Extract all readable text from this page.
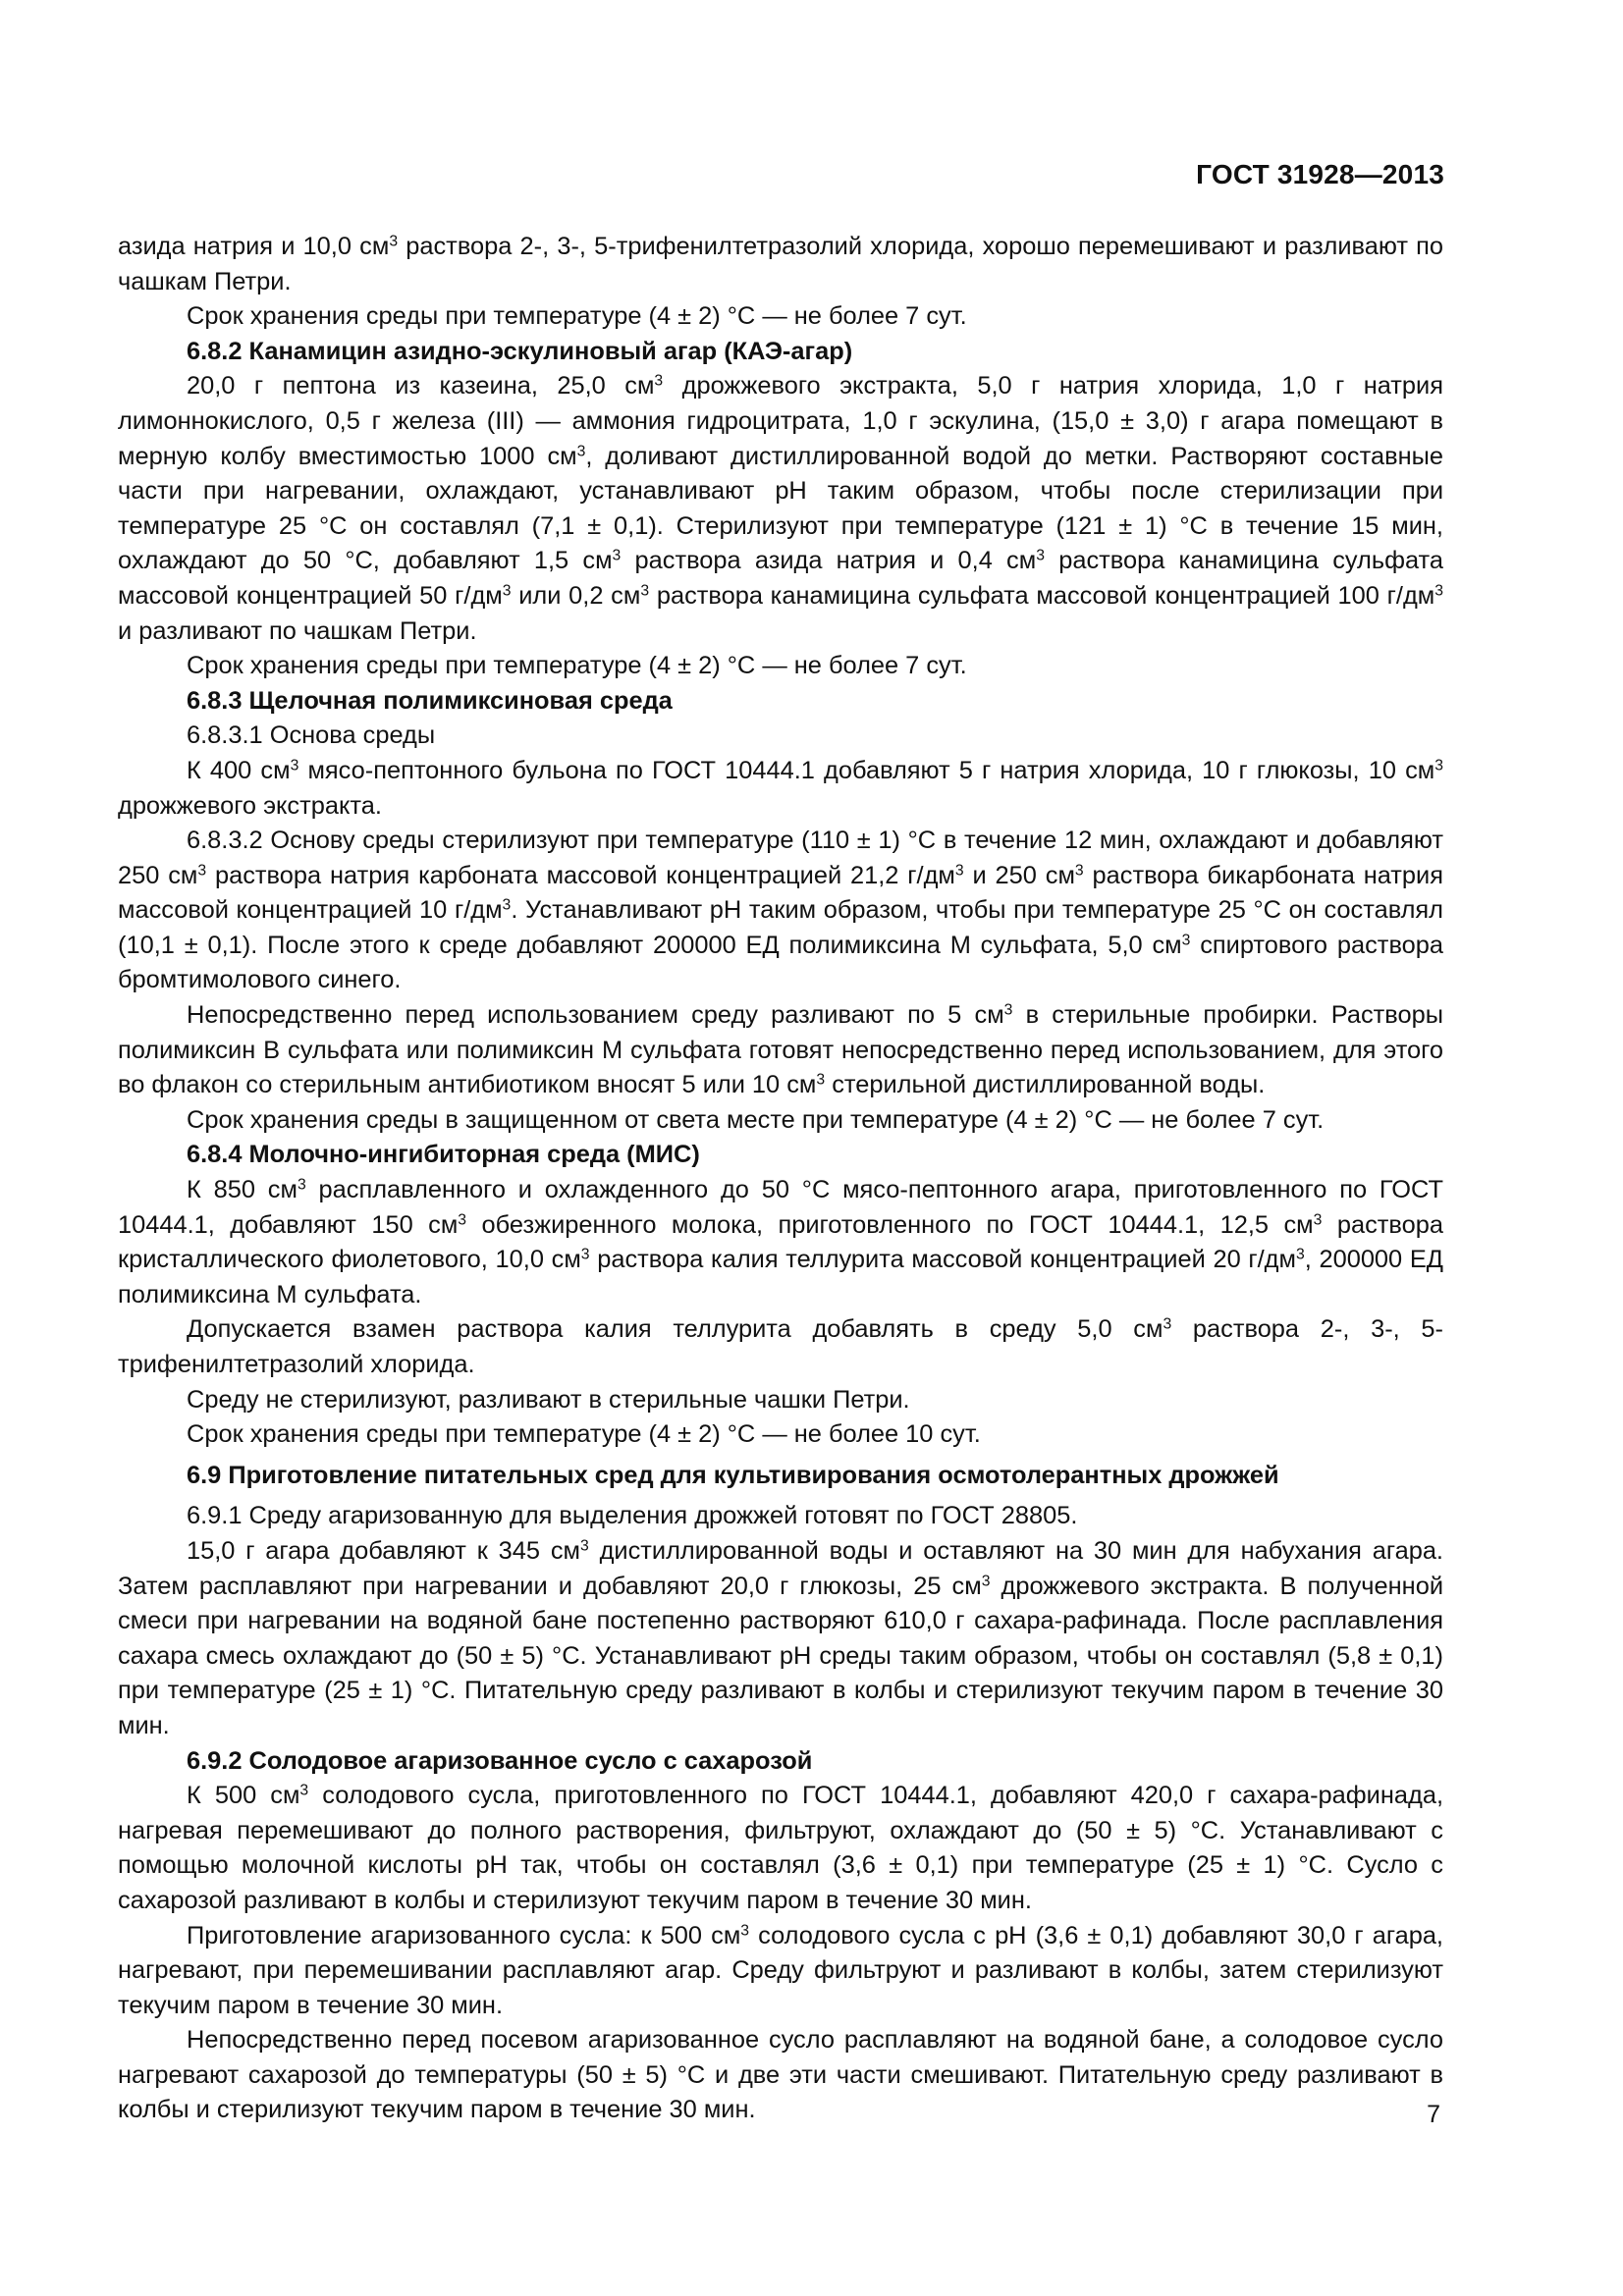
ГОСТ 31928—2013

азида натрия и 10,0 $см^3$ раствора 2-, 3-, 5-трифенилтетразолий хлорида, хорошо перемешивают и разливают по чашкам Петри.

Срок хранения среды при температуре (4 ± 2) °С — не более 7 сут.

6.8.2 Канамицин азидно-эскулиновый агар (КАЭ-агар)

20,0 г пептона из казеина, 25,0 $см^3$ дрожжевого экстракта, 5,0 г натрия хлорида, 1,0 г натрия лимоннокислого, 0,5 г железа (III) — аммония гидроцитрата, 1,0 г эскулина, (15,0 ± 3,0) г агара помещают в мерную колбу вместимостью 1000 $см^3$, доливают дистиллированной водой до метки. Растворяют составные части при нагревании, охлаждают, устанавливают рН таким образом, чтобы после стерилизации при температуре 25 °С он составлял (7,1 ± 0,1). Стерилизуют при температуре (121 ± 1) °С в течение 15 мин, охлаждают до 50 °С, добавляют 1,5 $см^3$ раствора азида натрия и 0,4 $см^3$ раствора канамицина сульфата массовой концентрацией 50 $г/дм^3$ или 0,2 $см^3$ раствора канамицина сульфата массовой концентрацией 100 $г/дм^3$ и разливают по чашкам Петри.

Срок хранения среды при температуре (4 ± 2) °С — не более 7 сут.

6.8.3 Щелочная полимиксиновая среда

6.8.3.1 Основа среды

К 400 $см^3$ мясо-пептонного бульона по ГОСТ 10444.1 добавляют 5 г натрия хлорида, 10 г глюкозы, 10 $см^3$ дрожжевого экстракта.

6.8.3.2 Основу среды стерилизуют при температуре (110 ± 1) °С в течение 12 мин, охлаждают и добавляют 250 $см^3$ раствора натрия карбоната массовой концентрацией 21,2 $г/дм^3$ и 250 $см^3$ раствора бикарбоната натрия массовой концентрацией 10 $г/дм^3$. Устанавливают рН таким образом, чтобы при температуре 25 °С он составлял (10,1 ± 0,1). После этого к среде добавляют 200000 ЕД полимиксина М сульфата, 5,0 $см^3$ спиртового раствора бромтимолового синего.

Непосредственно перед использованием среду разливают по 5 $см^3$ в стерильные пробирки. Растворы полимиксин В сульфата или полимиксин М сульфата готовят непосредственно перед использованием, для этого во флакон со стерильным антибиотиком вносят 5 или 10 $см^3$ стерильной дистиллированной воды.

Срок хранения среды в защищенном от света месте при температуре (4 ± 2) °С — не более 7 сут.

6.8.4 Молочно-ингибиторная среда (МИС)

К 850 $см^3$ расплавленного и охлажденного до 50 °С мясо-пептонного агара, приготовленного по ГОСТ 10444.1, добавляют 150 $см^3$ обезжиренного молока, приготовленного по ГОСТ 10444.1, 12,5 $см^3$ раствора кристаллического фиолетового, 10,0 $см^3$ раствора калия теллурита массовой концентрацией 20 $г/дм^3$, 200000 ЕД полимиксина М сульфата.

Допускается взамен раствора калия теллурита добавлять в среду 5,0 $см^3$ раствора 2-, 3-, 5-трифенилтетразолий хлорида.

Среду не стерилизуют, разливают в стерильные чашки Петри.

Срок хранения среды при температуре (4 ± 2) °С — не более 10 сут.

6.9 Приготовление питательных сред для культивирования осмотолерантных дрожжей

6.9.1 Среду агаризованную для выделения дрожжей готовят по ГОСТ 28805.

15,0 г агара добавляют к 345 $см^3$ дистиллированной воды и оставляют на 30 мин для набухания агара. Затем расплавляют при нагревании и добавляют 20,0 г глюкозы, 25 $см^3$ дрожжевого экстракта. В полученной смеси при нагревании на водяной бане постепенно растворяют 610,0 г сахара-рафинада. После расплавления сахара смесь охлаждают до (50 ± 5) °С. Устанавливают рН среды таким образом, чтобы он составлял (5,8 ± 0,1) при температуре (25 ± 1) °С. Питательную среду разливают в колбы и стерилизуют текучим паром в течение 30 мин.

6.9.2 Солодовое агаризованное сусло с сахарозой

К 500 $см^3$ солодового сусла, приготовленного по ГОСТ 10444.1, добавляют 420,0 г сахара-рафинада, нагревая перемешивают до полного растворения, фильтруют, охлаждают до (50 ± 5) °С. Устанавливают с помощью молочной кислоты рН так, чтобы он составлял (3,6 ± 0,1) при температуре (25 ± 1) °С. Сусло с сахарозой разливают в колбы и стерилизуют текучим паром в течение 30 мин.

Приготовление агаризованного сусла: к 500 $см^3$ солодового сусла с рН (3,6 ± 0,1) добавляют 30,0 г агара, нагревают, при перемешивании расплавляют агар. Среду фильтруют и разливают в колбы, затем стерилизуют текучим паром в течение 30 мин.

Непосредственно перед посевом агаризованное сусло расплавляют на водяной бане, а солодовое сусло нагревают сахарозой до температуры (50 ± 5) °С и две эти части смешивают. Питательную среду разливают в колбы и стерилизуют текучим паром в течение 30 мин.	7
